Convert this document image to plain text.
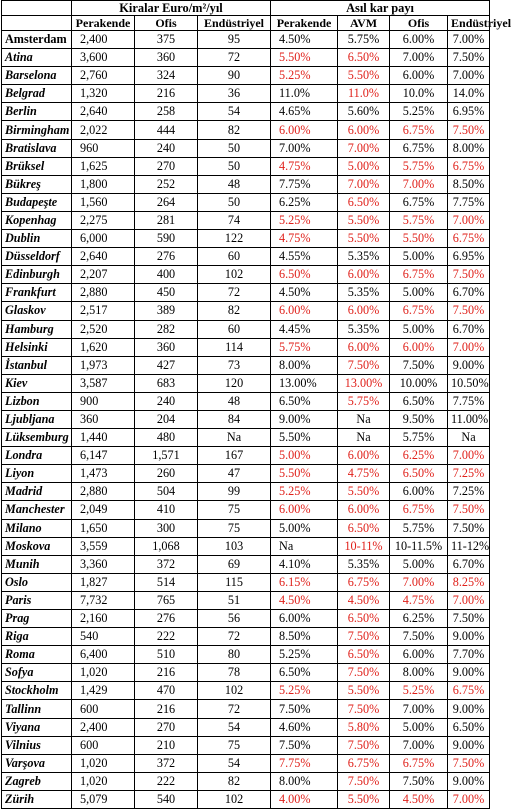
	Kiralar Euro/m²/yıl			Asıl kar payı			
	Perakende	Ofis	Endüstriyel	Perakende	AVM	Ofis	Endüstriyel
Amsterdam	2,400	375	95	4.50%	5.75%	6.00%	7.00%
Atina	3,600	360	72	5.50%	6.50%	7.00%	7.50%
Barselona	2,760	324	90	5.25%	5.50%	6.00%	7.00%
Belgrad	1,320	216	36	11.0%	11.0%	10.0%	14.0%
Berlin	2,640	258	54	4.65%	5.60%	5.25%	6.95%
Birmingham	2,022	444	82	6.00%	6.00%	6.75%	7.50%
Bratislava	960	240	50	7.00%	7.00%	6.75%	8.00%
Brüksel	1,625	270	50	4.75%	5.00%	5.75%	6.75%
Bükreş	1,800	252	48	7.75%	7.00%	7.00%	8.50%
Budapeşte	1,560	264	50	6.25%	6.50%	6.75%	7.75%
Kopenhag	2,275	281	74	5.25%	5.50%	5.75%	7.00%
Dublin	6,000	590	122	4.75%	5.50%	5.50%	6.75%
Düsseldorf	2,640	276	60	4.55%	5.35%	5.00%	6.95%
Edinburgh	2,207	400	102	6.50%	6.00%	6.75%	7.50%
Frankfurt	2,880	450	72	4.50%	5.35%	5.00%	6.70%
Glaskov	2,517	389	82	6.00%	6.00%	6.75%	7.50%
Hamburg	2,520	282	60	4.45%	5.35%	5.00%	6.70%
Helsinki	1,620	360	114	5.75%	6.00%	6.00%	7.00%
İstanbul	1,973	427	73	8.00%	7.50%	7.50%	9.00%
Kiev	3,587	683	120	13.00%	13.00%	10.00%	10.50%
Lizbon	900	240	48	6.50%	5.75%	6.50%	7.75%
Ljubljana	360	204	84	9.00%	Na	9.50%	11.00%
Lüksemburg	1,440	480	Na	5.50%	Na	5.75%	Na
Londra	6,147	1,571	167	5.00%	6.00%	6.25%	7.00%
Liyon	1,473	260	47	5.50%	4.75%	6.50%	7.25%
Madrid	2,880	504	99	5.25%	5.50%	6.00%	7.25%
Manchester	2,049	410	75	6.00%	6.00%	6.75%	7.50%
Milano	1,650	300	75	5.00%	6.50%	5.75%	7.50%
Moskova	3,559	1,068	103	Na	10-11%	10-11.5%	11-12%
Munih	3,360	372	69	4.10%	5.35%	5.00%	6.70%
Oslo	1,827	514	115	6.15%	6.75%	7.00%	8.25%
Paris	7,732	765	51	4.50%	4.50%	4.75%	7.00%
Prag	2,160	276	56	6.00%	6.50%	6.25%	7.50%
Riga	540	222	72	8.50%	7.50%	7.50%	9.00%
Roma	6,400	510	80	5.25%	6.50%	6.00%	7.70%
Sofya	1,020	216	78	6.50%	7.50%	8.00%	9.00%
Stockholm	1,429	470	102	5.25%	5.50%	5.25%	6.75%
Tallinn	600	216	72	7.50%	7.50%	7.00%	9.00%
Viyana	2,400	270	54	4.60%	5.80%	5.00%	6.50%
Vilnius	600	210	75	7.50%	7.50%	7.00%	9.00%
Varşova	1,020	372	54	7.75%	6.75%	6.75%	7.50%
Zagreb	1,020	222	82	8.00%	7.50%	7.50%	9.00%
Zürih	5,079	540	102	4.00%	5.50%	4.50%	7.00%
